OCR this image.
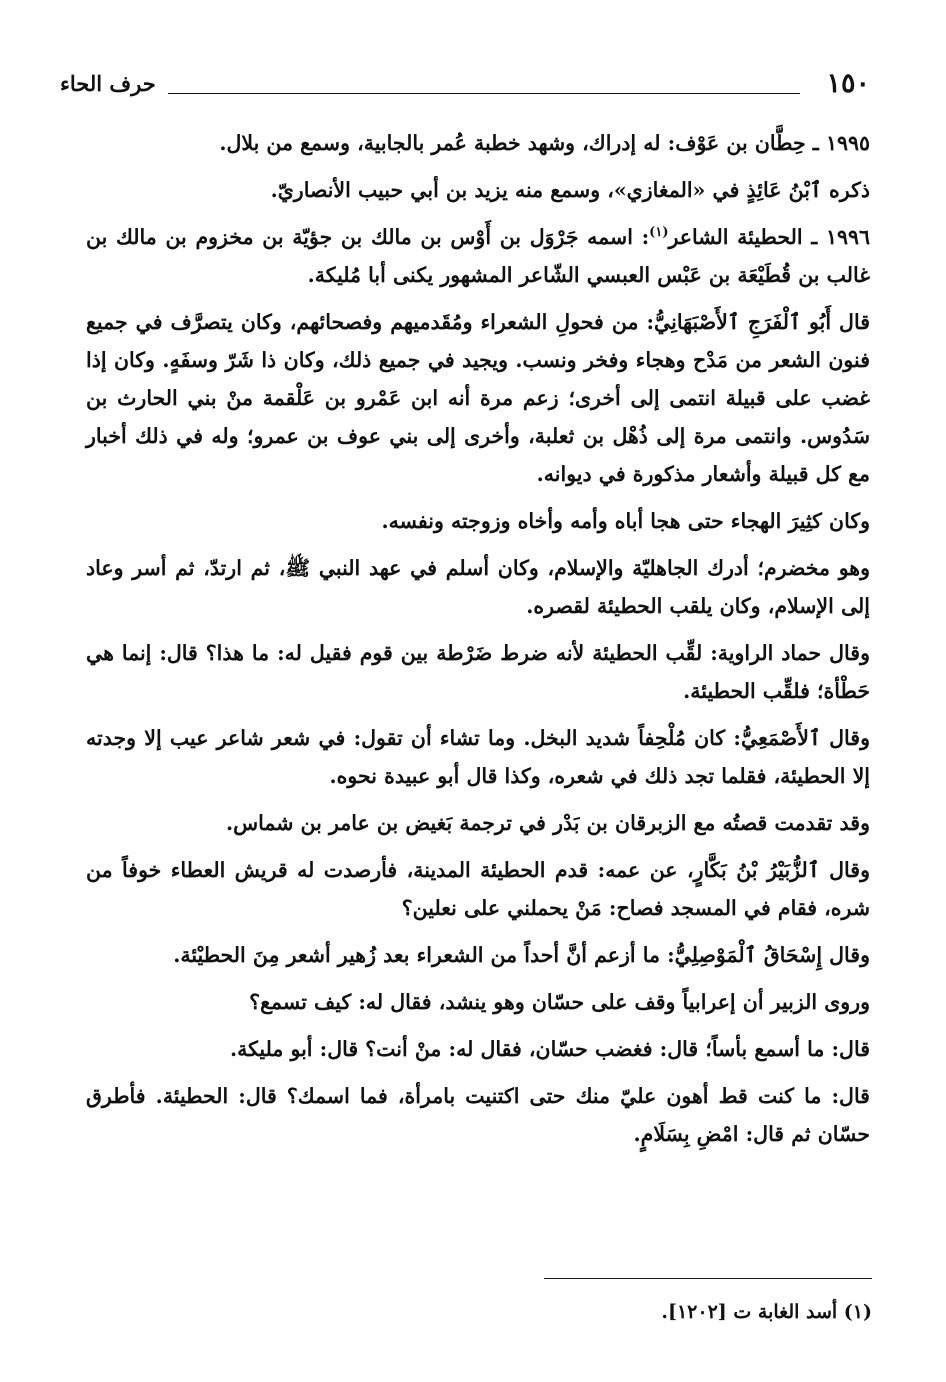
١٥٠
حرف الحاء

١٩٩٥ ـ حِطَّان بن عَوْف: له إدراك، وشهد خطبة عُمر بالجابية، وسمع من بلال.

ذكره ٱبْنُ عَائِذٍ في «المغازي»، وسمع منه يزيد بن أبي حبيب الأنصاريّ.

١٩٩٦ ـ الحطيئة الشاعر$^{(١)}$: اسمه جَرْوَل بن أَوْس بن مالك بن جؤيّة بن مخزوم بن مالك بن غالب بن قُطَيْعَة بن عَبْس العبسي الشّاعر المشهور يكنى أبا مُليكة.

قال أَبُو ٱلْفَرَجِ ٱلأَصْبَهَانِيُّ: من فحولِ الشعراء ومُقَدميهم وفصحائهم، وكان يتصرَّف في جميع فنون الشعر من مَدْح وهجاء وفخر ونسب. ويجيد في جميع ذلك، وكان ذا شَرّ وسفَهٍ. وكان إذا غضب على قبيلة انتمى إلى أخرى؛ زعم مرة أنه ابن عَمْرو بن عَلْقمة منْ بني الحارث بن سَدُوس. وانتمى مرة إلى ذُهْل بن ثعلبة، وأخرى إلى بني عوف بن عمرو؛ وله في ذلك أخبار مع كل قبيلة وأشعار مذكورة في ديوانه.

وكان كثِيرَ الهجاء حتى هجا أباه وأمه وأخاه وزوجته ونفسه.

وهو مخضرم؛ أدرك الجاهليّة والإسلام، وكان أسلم في عهد النبي ﷺ، ثم ارتدّ، ثم أسر وعاد إلى الإسلام، وكان يلقب الحطيئة لقصره.

وقال حماد الراوية: لقِّب الحطيئة لأنه ضرط ضَرْطة بين قوم فقيل له: ما هذا؟ قال: إنما هي حَطْأة؛ فلقِّب الحطيئة.

وقال ٱلأَصْمَعِيُّ: كان مُلْحِفاً شديد البخل. وما تشاء أن تقول: في شعر شاعر عيب إلا وجدته إلا الحطيئة، فقلما تجد ذلك في شعره، وكذا قال أبو عبيدة نحوه.

وقد تقدمت قصتُه مع الزبرقان بن بَدْر في ترجمة بَغيض بن عامر بن شماس.

وقال ٱلزُّبَيْرُ بْنُ بَكَّارٍ، عن عمه: قدم الحطيئة المدينة، فأرصدت له قريش العطاء خوفاً من شره، فقام في المسجد فصاح: مَنْ يحملني على نعلين؟

وقال إِسْحَاقُ ٱلْمَوْصِلِيُّ: ما أزعم أنَّ أحداً من الشعراء بعد زُهير أشعر مِنَ الحطيْئة.

وروى الزبير أن إعرابياً وقف على حسّان وهو ينشد، فقال له: كيف تسمع؟

قال: ما أسمع بأساً؛ قال: فغضب حسّان، فقال له: منْ أنت؟ قال: أبو مليكة.

قال: ما كنت قط أهون عليّ منك حتى اكتنيت بامرأة، فما اسمك؟ قال: الحطيئة. فأطرق حسّان ثم قال: امْضِ بِسَلَامٍ.

(١) أسد الغابة ت [١٢٠٢].
